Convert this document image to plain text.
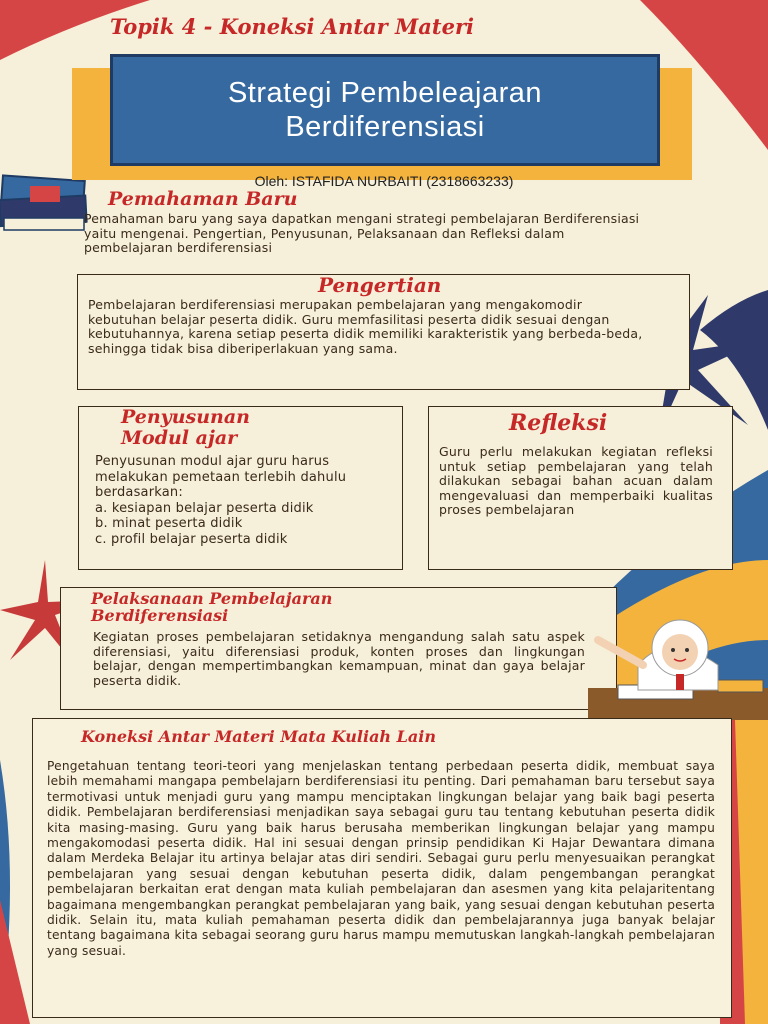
Topik 4 - Koneksi Antar Materi
Strategi Pembeleajaran
Berdiferensiasi
Oleh: ISTAFIDA NURBAITI (2318663233)
Pemahaman Baru
Pemahaman baru yang saya dapatkan mengani strategi pembelajaran Berdiferensiasi yaitu mengenai. Pengertian, Penyusunan, Pelaksanaan dan Refleksi dalam pembelajaran berdiferensiasi
Pengertian
Pembelajaran berdiferensiasi merupakan pembelajaran yang mengakomodir kebutuhan belajar peserta didik. Guru memfasilitasi peserta didik sesuai dengan kebutuhannya, karena setiap peserta didik memiliki karakteristik yang berbeda-beda, sehingga tidak bisa diberiperlakuan yang sama.
Penyusunan
Modul ajar
Penyusunan modul ajar guru harus melakukan pemetaan terlebih dahulu berdasarkan:
a. kesiapan belajar peserta didik
b. minat peserta didik
c. profil belajar peserta didik
Refleksi
Guru perlu melakukan kegiatan refleksi untuk setiap pembelajaran yang telah dilakukan sebagai bahan acuan dalam mengevaluasi dan memperbaiki kualitas proses pembelajaran
Pelaksanaan Pembelajaran
Berdiferensiasi
Kegiatan proses pembelajaran setidaknya mengandung salah satu aspek diferensiasi, yaitu diferensiasi produk, konten proses dan lingkungan belajar, dengan mempertimbangkan kemampuan, minat dan gaya belajar peserta didik.
Koneksi Antar Materi Mata Kuliah Lain
Pengetahuan tentang teori-teori yang menjelaskan tentang perbedaan peserta didik, membuat saya lebih memahami mangapa pembelajarn berdiferensiasi itu penting. Dari pemahaman baru tersebut saya termotivasi untuk menjadi guru yang mampu menciptakan lingkungan belajar yang baik bagi peserta didik. Pembelajaran berdiferensiasi menjadikan saya sebagai guru tau tentang kebutuhan peserta didik kita masing-masing. Guru yang baik harus berusaha memberikan lingkungan belajar yang mampu mengakomodasi peserta didik. Hal ini sesuai dengan prinsip pendidikan Ki Hajar Dewantara dimana dalam Merdeka Belajar itu artinya belajar atas diri sendiri. Sebagai guru perlu menyesuaikan perangkat pembelajaran yang sesuai dengan kebutuhan peserta didik, dalam pengembangan perangkat pembelajaran berkaitan erat dengan mata kuliah pembelajaran dan asesmen yang kita pelajaritentang bagaimana mengembangkan perangkat pembelajaran yang baik, yang sesuai dengan kebutuhan peserta didik. Selain itu, mata kuliah pemahaman peserta didik dan pembelajarannya juga banyak belajar tentang bagaimana kita sebagai seorang guru harus mampu memutuskan langkah-langkah pembelajaran yang sesuai.
